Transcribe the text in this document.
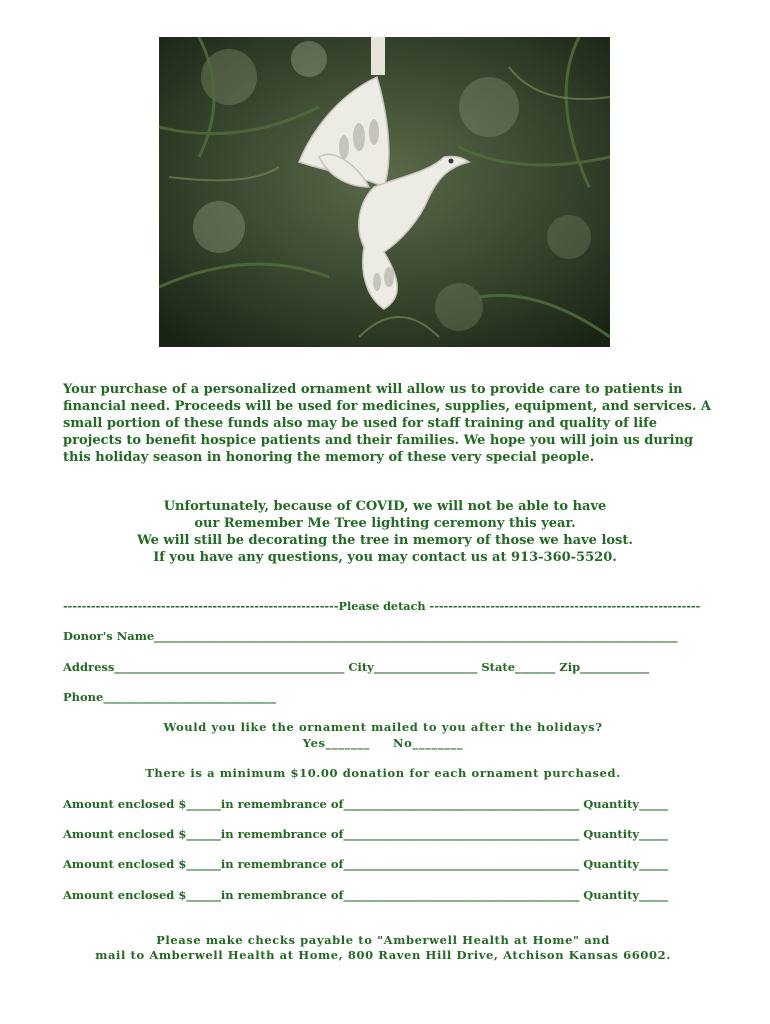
Your purchase of a personalized ornament will allow us to provide care to patients in financial need. Proceeds will be used for medicines, supplies, equipment, and services. A small portion of these funds also may be used for staff training and quality of life projects to benefit hospice patients and their families. We hope you will join us during this holiday season in honoring the memory of these very special people.
Unfortunately, because of COVID, we will not be able to have
our Remember Me Tree lighting ceremony this year.
We will still be decorating the tree in memory of those we have lost.
If you have any questions, you may contact us at 913-360-5520.
-----------------------------------------------------------Please detach ----------------------------------------------------------
Donor's Name___________________________________________________________________________________________
Address________________________________________ City__________________ State_______ Zip____________
Phone______________________________
Would you like the ornament mailed to you after the holidays?
Yes_______     No________
There is a minimum $10.00 donation for each ornament purchased.
Amount enclosed $______in remembrance of_________________________________________ Quantity_____
Amount enclosed $______in remembrance of_________________________________________ Quantity_____
Amount enclosed $______in remembrance of_________________________________________ Quantity_____
Amount enclosed $______in remembrance of_________________________________________ Quantity_____
Please make checks payable to "Amberwell Health at Home" and
mail to Amberwell Health at Home, 800 Raven Hill Drive, Atchison Kansas 66002.
